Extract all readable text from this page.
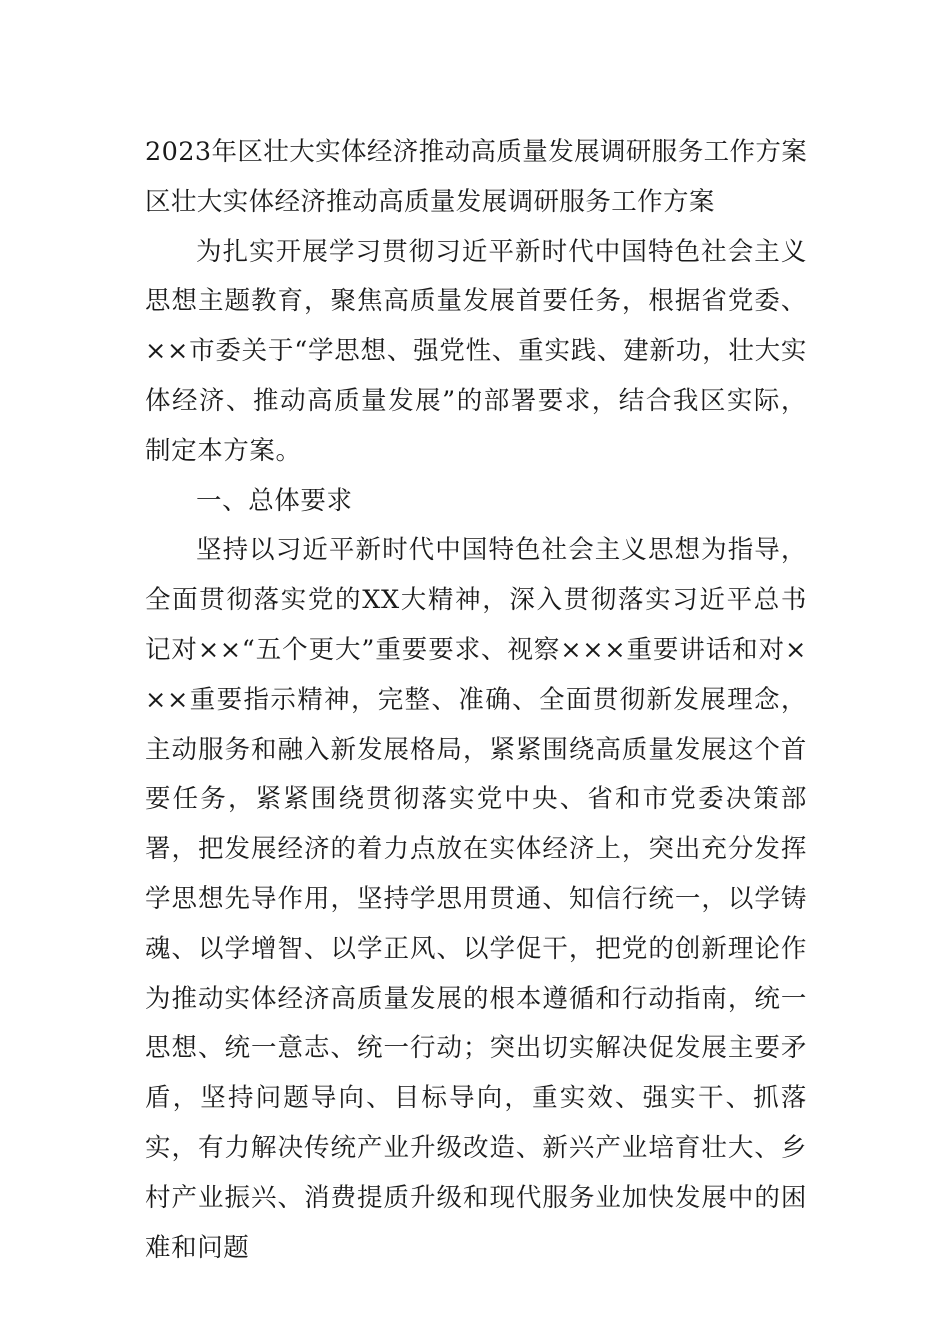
2023年区壮大实体经济推动高质量发展调研服务工作方案

区壮大实体经济推动高质量发展调研服务工作方案

为扎实开展学习贯彻习近平新时代中国特色社会主义思想主题教育，聚焦高质量发展首要任务，根据省党委、××市委关于“学思想、强党性、重实践、建新功，壮大实体经济、推动高质量发展”的部署要求，结合我区实际，制定本方案。

一、总体要求

坚持以习近平新时代中国特色社会主义思想为指导，全面贯彻落实党的XX大精神，深入贯彻落实习近平总书记对××“五个更大”重要要求、视察×××重要讲话和对×××重要指示精神，完整、准确、全面贯彻新发展理念，主动服务和融入新发展格局，紧紧围绕高质量发展这个首要任务，紧紧围绕贯彻落实党中央、省和市党委决策部署，把发展经济的着力点放在实体经济上，突出充分发挥学思想先导作用，坚持学思用贯通、知信行统一，以学铸魂、以学增智、以学正风、以学促干，把党的创新理论作为推动实体经济高质量发展的根本遵循和行动指南，统一思想、统一意志、统一行动；突出切实解决促发展主要矛盾，坚持问题导向、目标导向，重实效、强实干、抓落实，有力解决传统产业升级改造、新兴产业培育壮大、乡村产业振兴、消费提质升级和现代服务业加快发展中的困难和问题
